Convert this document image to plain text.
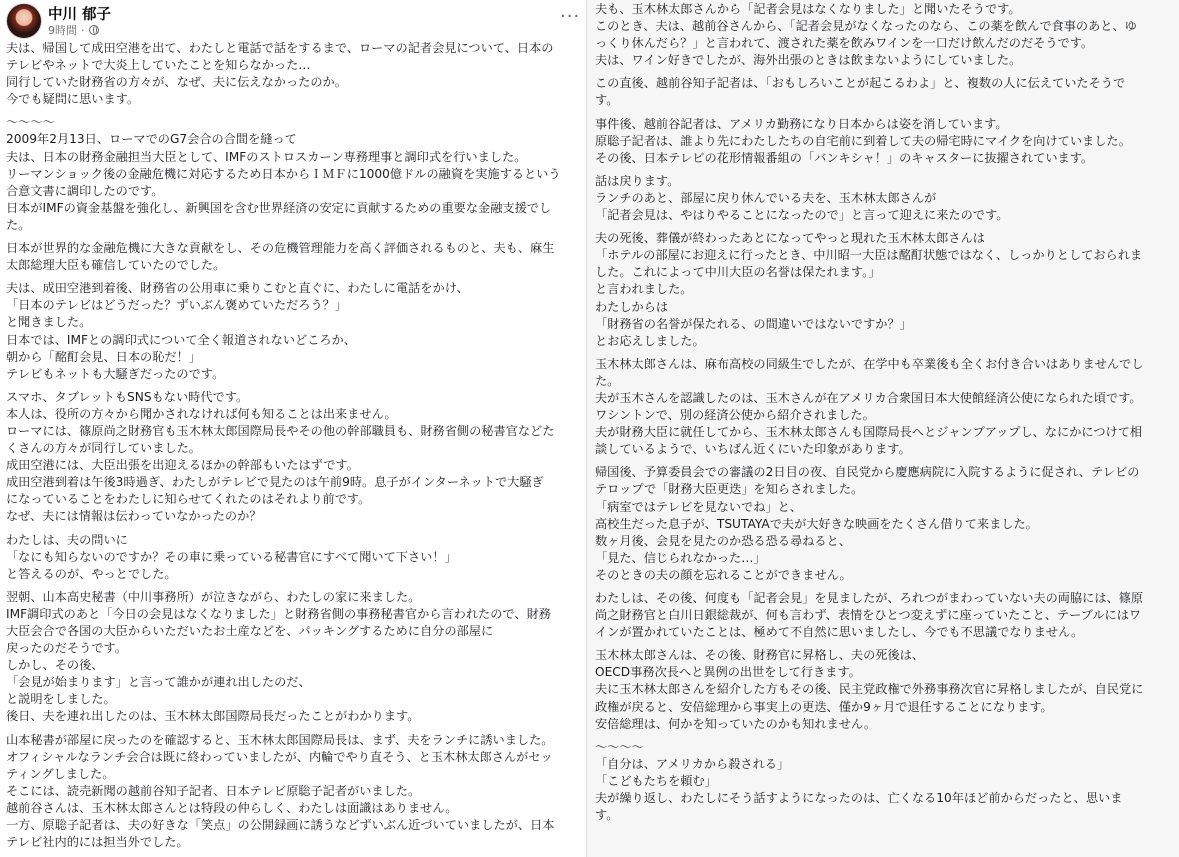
中川 郁子
9時間 ·
···

夫は、帰国して成田空港を出て、わたしと電話で話をするまで、ローマの記者会見について、日本の

テレビやネットで大炎上していたことを知らなかった…

同行していた財務省の方々が、なぜ、夫に伝えなかったのか。

今でも疑問に思います。

〜〜〜〜

2009年2月13日、ローマでのG7会合の合間を縫って

夫は、日本の財務金融担当大臣として、IMFのストロスカーン専務理事と調印式を行いました。

リーマンショック後の金融危機に対応するため日本からＩＭＦに1000億ドルの融資を実施するという

合意文書に調印したのです。

日本がIMFの資金基盤を強化し、新興国を含む世界経済の安定に貢献するための重要な金融支援でし

た。

日本が世界的な金融危機に大きな貢献をし、その危機管理能力を高く評価されるものと、夫も、麻生

太郎総理大臣も確信していたのでした。

夫は、成田空港到着後、財務省の公用車に乗りこむと直ぐに、わたしに電話をかけ、

「日本のテレビはどうだった？ずいぶん褒めていただろう？」

と聞きました。

日本では、IMFとの調印式について全く報道されないどころか、

朝から「酩酊会見、日本の恥だ！」

テレビもネットも大騒ぎだったのです。

スマホ、タブレットもSNSもない時代です。

本人は、役所の方々から聞かされなければ何も知ることは出来ません。

ローマには、篠原尚之財務官も玉木林太郎国際局長やその他の幹部職員も、財務省側の秘書官などた

くさんの方々が同行していました。

成田空港には、大臣出張を出迎えるほかの幹部もいたはずです。

成田空港到着は午後3時過ぎ、わたしがテレビで見たのは午前9時。息子がインターネットで大騒ぎ

になっていることをわたしに知らせてくれたのはそれより前です。

なぜ、夫には情報は伝わっていなかったのか？

わたしは、夫の問いに

「なにも知らないのですか？その車に乗っている秘書官にすべて聞いて下さい！」

と答えるのが、やっとでした。

翌朝、山本高史秘書（中川事務所）が泣きながら、わたしの家に来ました。

IMF調印式のあと「今日の会見はなくなりました」と財務省側の事務秘書官から言われたので、財務

大臣会合で各国の大臣からいただいたお土産などを、パッキングするために自分の部屋に

戻ったのだそうです。

しかし、その後、

「会見が始まります」と言って誰かが連れ出したのだ、

と説明をしました。

後日、夫を連れ出したのは、玉木林太郎国際局長だったことがわかります。

山本秘書が部屋に戻ったのを確認すると、玉木林太郎国際局長は、まず、夫をランチに誘いました。

オフィシャルなランチ会合は既に終わっていましたが、内輪でやり直そう、と玉木林太郎さんがセッ

ティングしました。

そこには、読売新聞の越前谷知子記者、日本テレビ原聡子記者がいました。

越前谷さんは、玉木林太郎さんとは特段の仲らしく、わたしは面識はありません。

一方、原聡子記者は、夫の好きな「笑点」の公開録画に誘うなどずいぶん近づいていましたが、日本

テレビ社内的には担当外でした。

夫も、玉木林太郎さんから「記者会見はなくなりました」と聞いたそうです。

このとき、夫は、越前谷さんから、「記者会見がなくなったのなら、この薬を飲んで食事のあと、ゆ

っくり休んだら？」と言われて、渡された薬を飲みワインを一口だけ飲んだのだそうです。

夫は、ワイン好きでしたが、海外出張のときは飲まないようにしていました。

この直後、越前谷知子記者は、「おもしろいことが起こるわよ」と、複数の人に伝えていたそうで

す。

事件後、越前谷記者は、アメリカ勤務になり日本からは姿を消しています。

原聡子記者は、誰より先にわたしたちの自宅前に到着して夫の帰宅時にマイクを向けていました。

その後、日本テレビの花形情報番組の「バンキシャ！」のキャスターに抜擢されています。

話は戻ります。

ランチのあと、部屋に戻り休んでいる夫を、玉木林太郎さんが

「記者会見は、やはりやることになったので」と言って迎えに来たのです。

夫の死後、葬儀が終わったあとになってやっと現れた玉木林太郎さんは

「ホテルの部屋にお迎えに行ったとき、中川昭一大臣は酩酊状態ではなく、しっかりとしておられま

した。これによって中川大臣の名誉は保たれます。」

と言われました。

わたしからは

「財務省の名誉が保たれる、の間違いではないですか？」

とお応えしました。

玉木林太郎さんは、麻布高校の同級生でしたが、在学中も卒業後も全くお付き合いはありませんでし

た。

夫が玉木さんを認識したのは、玉木さんが在アメリカ合衆国日本大使館経済公使になられた頃です。

ワシントンで、別の経済公使から紹介されました。

夫が財務大臣に就任してから、玉木林太郎さんも国際局長へとジャンプアップし、なにかにつけて相

談しているようで、いちばん近くにいた印象があります。

帰国後、予算委員会での審議の2日目の夜、自民党から慶應病院に入院するように促され、テレビの

テロップで「財務大臣更迭」を知らされました。

「病室ではテレビを見ないでね」と、

高校生だった息子が、TSUTAYAで夫が大好きな映画をたくさん借りて来ました。

数ヶ月後、会見を見たのか恐る恐る尋ねると、

「見た、信じられなかった…」

そのときの夫の顔を忘れることができません。

わたしは、その後、何度も「記者会見」を見ましたが、ろれつがまわっていない夫の両脇には、篠原

尚之財務官と白川日銀総裁が、何も言わず、表情をひとつ変えずに座っていたこと、テーブルにはワ

インが置かれていたことは、極めて不自然に思いましたし、今でも不思議でなりません。

玉木林太郎さんは、その後、財務官に昇格し、夫の死後は、

OECD事務次長へと異例の出世をして行きます。

夫に玉木林太郎さんを紹介した方もその後、民主党政権で外務事務次官に昇格しましたが、自民党に

政権が戻ると、安倍総理から事実上の更迭、僅か9ヶ月で退任することになります。

安倍総理は、何かを知っていたのかも知れません。

〜〜〜〜

「自分は、アメリカから殺される」

「こどもたちを頼む」

夫が繰り返し、わたしにそう話すようになったのは、亡くなる10年ほど前からだったと、思いま

す。
